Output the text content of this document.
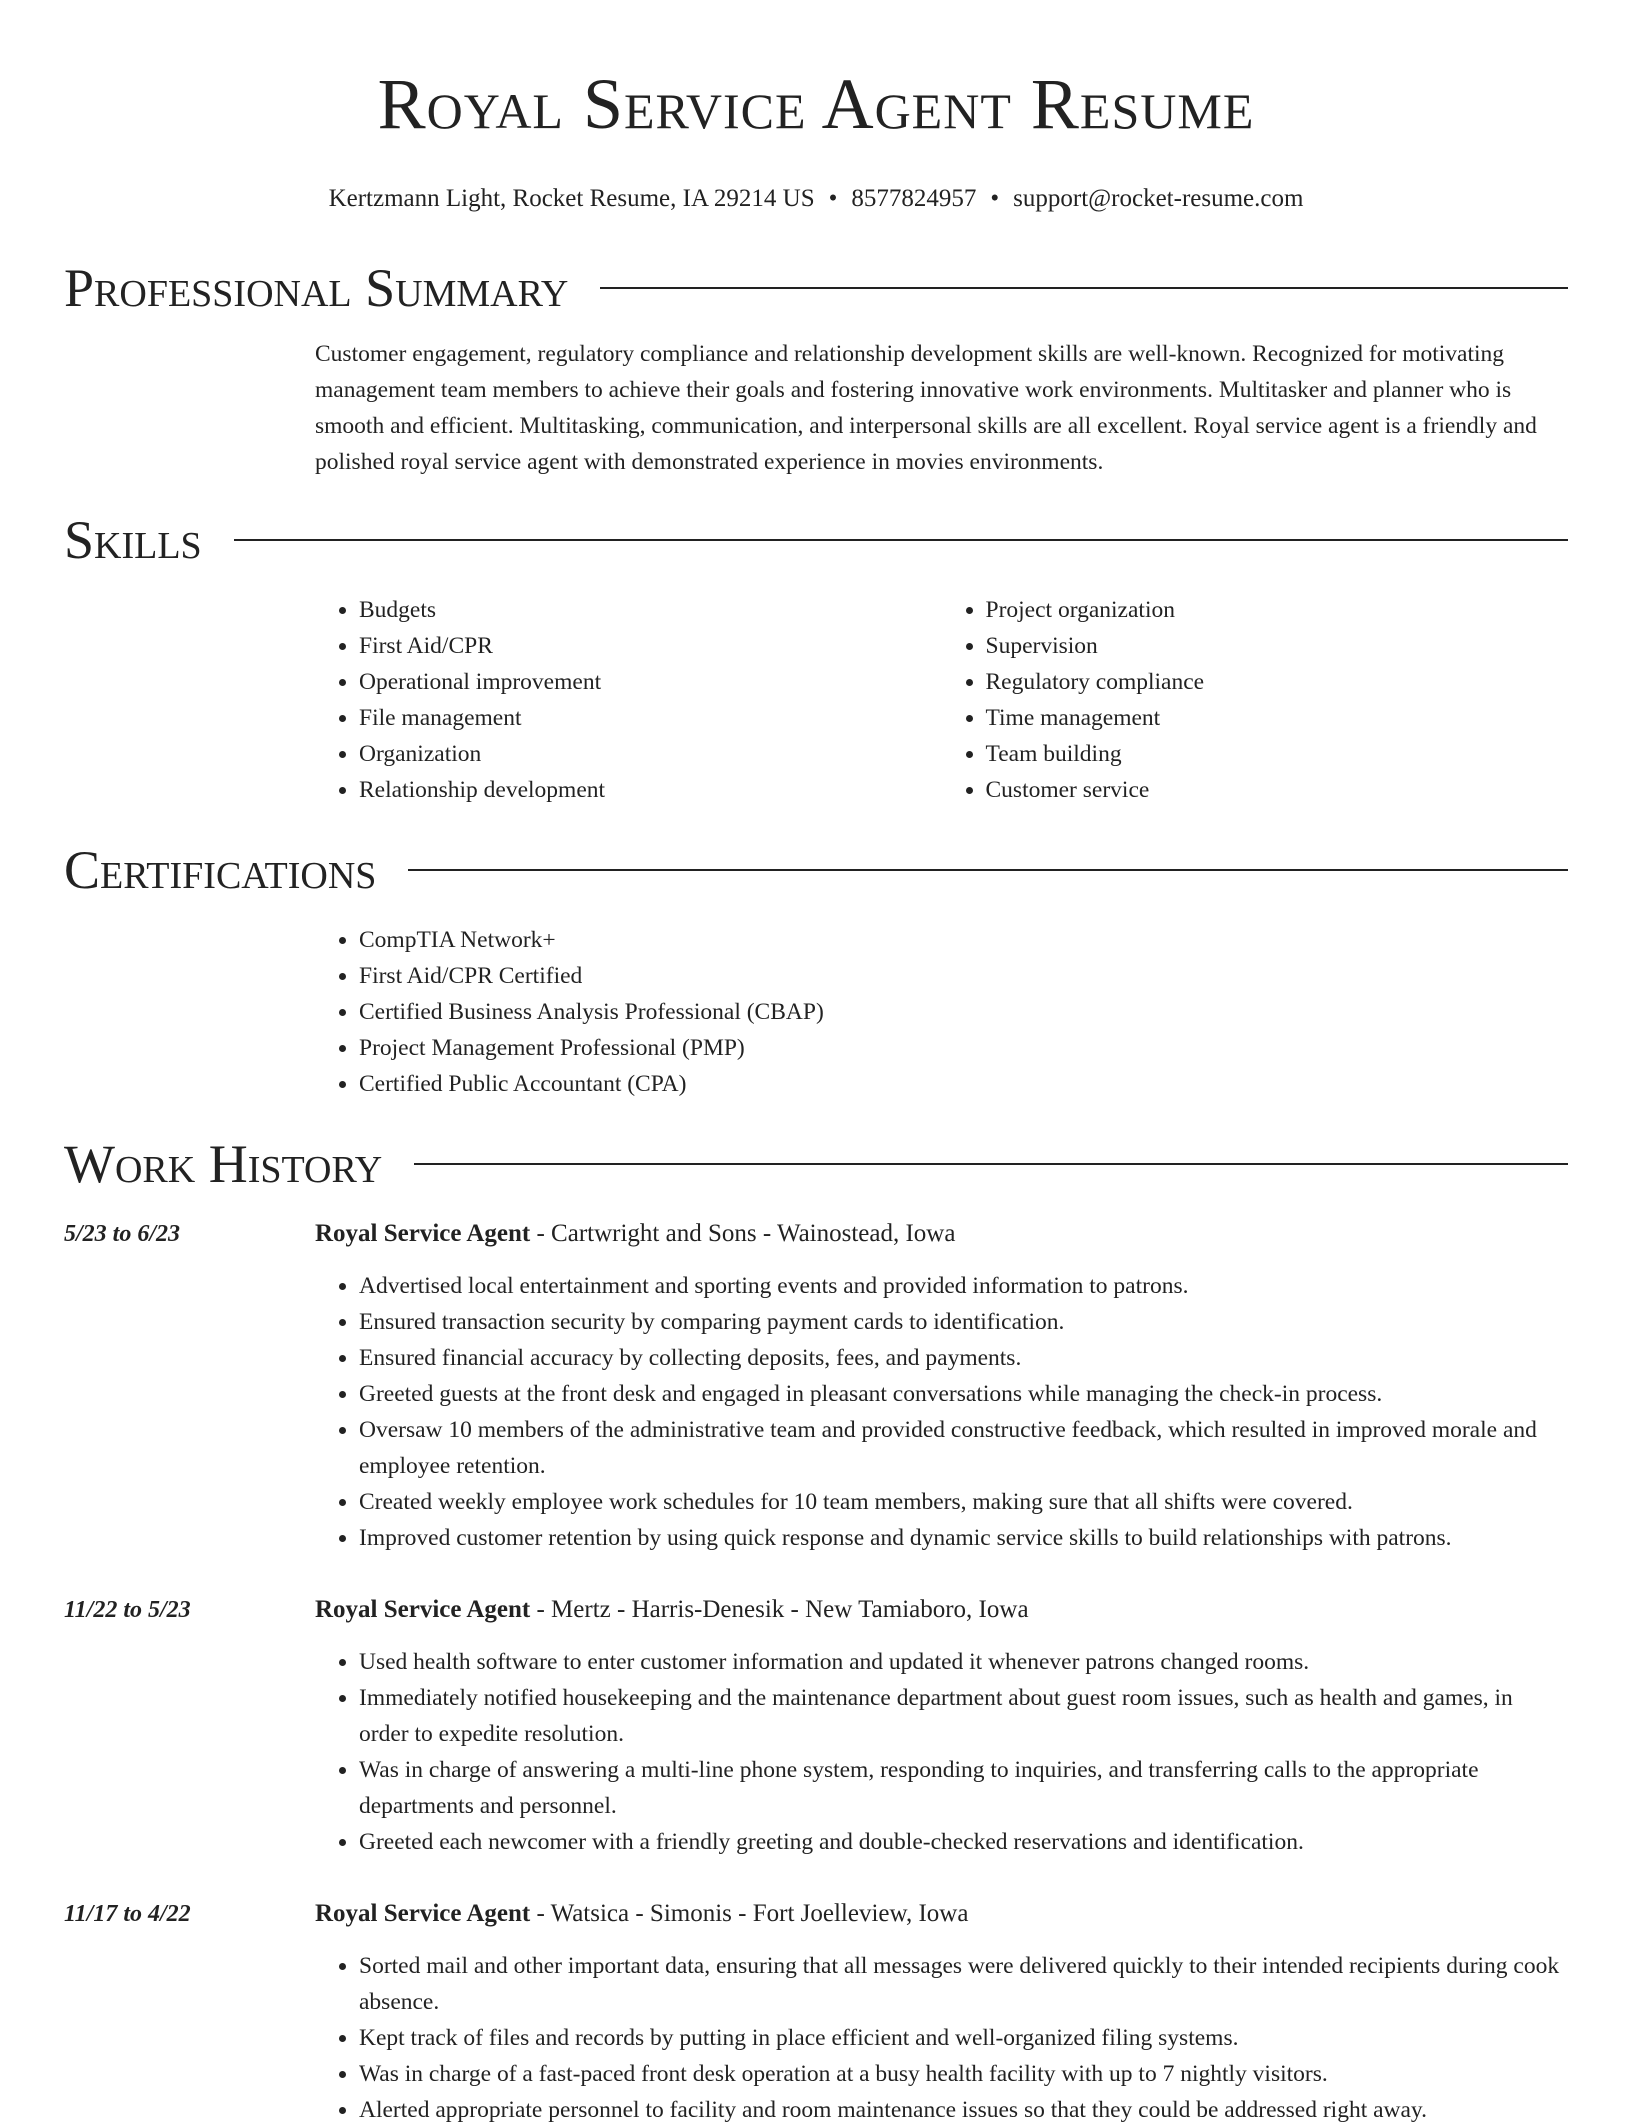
Royal Service Agent Resume
Kertzmann Light, Rocket Resume, IA 29214 US • 8577824957 • support@rocket-resume.com
Professional Summary
Customer engagement, regulatory compliance and relationship development skills are well-known. Recognized for motivating management team members to achieve their goals and fostering innovative work environments. Multitasker and planner who is smooth and efficient. Multitasking, communication, and interpersonal skills are all excellent. Royal service agent is a friendly and polished royal service agent with demonstrated experience in movies environments.
Skills
• Budgets
• First Aid/CPR
• Operational improvement
• File management
• Organization
• Relationship development
• Project organization
• Supervision
• Regulatory compliance
• Time management
• Team building
• Customer service
Certifications
• CompTIA Network+
• First Aid/CPR Certified
• Certified Business Analysis Professional (CBAP)
• Project Management Professional (PMP)
• Certified Public Accountant (CPA)
Work History
5/23 to 6/23	Royal Service Agent - Cartwright and Sons - Wainostead, Iowa
• Advertised local entertainment and sporting events and provided information to patrons.
• Ensured transaction security by comparing payment cards to identification.
• Ensured financial accuracy by collecting deposits, fees, and payments.
• Greeted guests at the front desk and engaged in pleasant conversations while managing the check-in process.
• Oversaw 10 members of the administrative team and provided constructive feedback, which resulted in improved morale and employee retention.
• Created weekly employee work schedules for 10 team members, making sure that all shifts were covered.
• Improved customer retention by using quick response and dynamic service skills to build relationships with patrons.
11/22 to 5/23	Royal Service Agent - Mertz - Harris-Denesik - New Tamiaboro, Iowa
• Used health software to enter customer information and updated it whenever patrons changed rooms.
• Immediately notified housekeeping and the maintenance department about guest room issues, such as health and games, in order to expedite resolution.
• Was in charge of answering a multi-line phone system, responding to inquiries, and transferring calls to the appropriate departments and personnel.
• Greeted each newcomer with a friendly greeting and double-checked reservations and identification.
11/17 to 4/22	Royal Service Agent - Watsica - Simonis - Fort Joelleview, Iowa
• Sorted mail and other important data, ensuring that all messages were delivered quickly to their intended recipients during cook absence.
• Kept track of files and records by putting in place efficient and well-organized filing systems.
• Was in charge of a fast-paced front desk operation at a busy health facility with up to 7 nightly visitors.
• Alerted appropriate personnel to facility and room maintenance issues so that they could be addressed right away.
